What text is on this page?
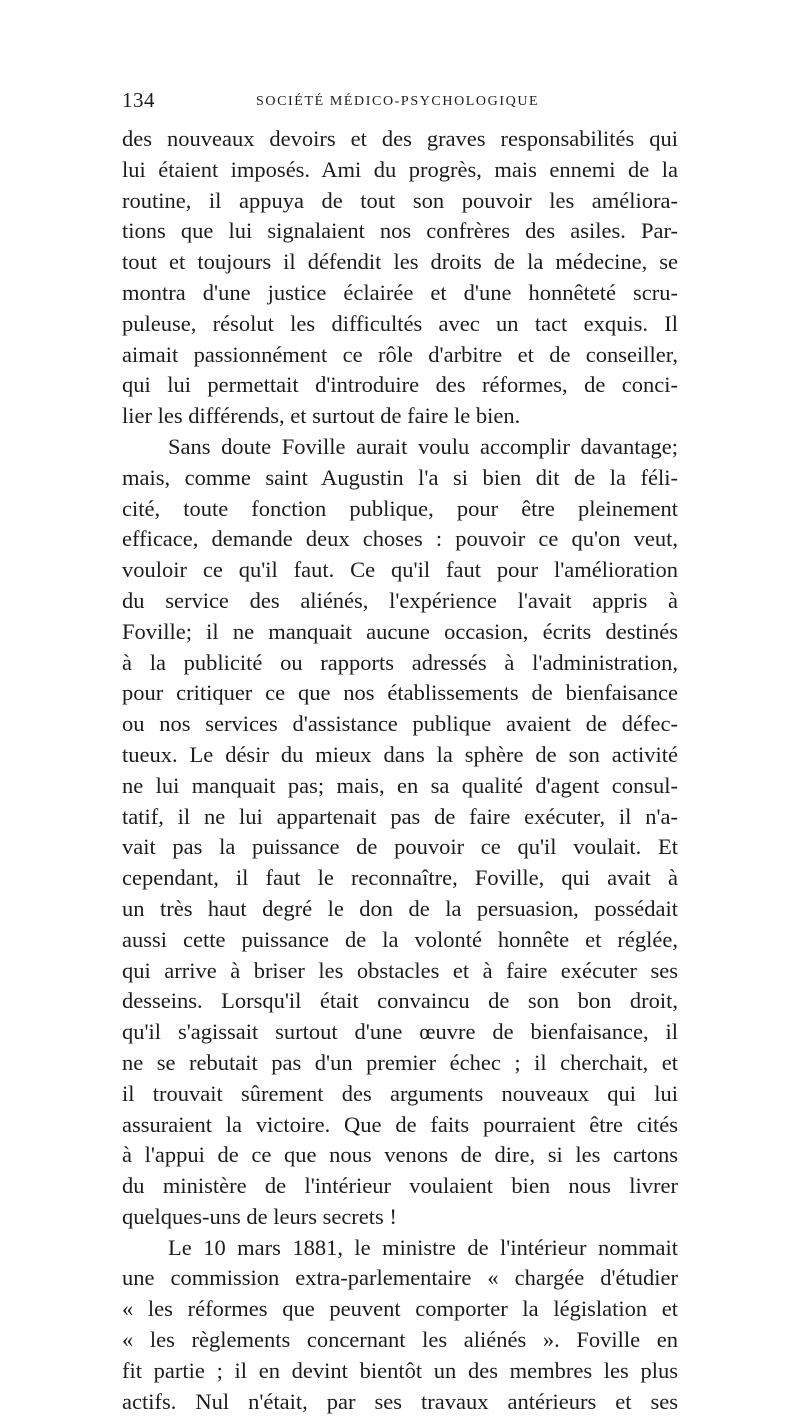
134	SOCIÉTÉ MÉDICO-PSYCHOLOGIQUE
des nouveaux devoirs et des graves responsabilités qui
lui étaient imposés. Ami du progrès, mais ennemi de la
routine, il appuya de tout son pouvoir les améliora-
tions que lui signalaient nos confrères des asiles. Par-
tout et toujours il défendit les droits de la médecine, se
montra d'une justice éclairée et d'une honnêteté scru-
puleuse, résolut les difficultés avec un tact exquis. Il
aimait passionnément ce rôle d'arbitre et de conseiller,
qui lui permettait d'introduire des réformes, de conci-
lier les différends, et surtout de faire le bien.
Sans doute Foville aurait voulu accomplir davantage;
mais, comme saint Augustin l'a si bien dit de la féli-
cité, toute fonction publique, pour être pleinement
efficace, demande deux choses : pouvoir ce qu'on veut,
vouloir ce qu'il faut. Ce qu'il faut pour l'amélioration
du service des aliénés, l'expérience l'avait appris à
Foville; il ne manquait aucune occasion, écrits destinés
à la publicité ou rapports adressés à l'administration,
pour critiquer ce que nos établissements de bienfaisance
ou nos services d'assistance publique avaient de défec-
tueux. Le désir du mieux dans la sphère de son activité
ne lui manquait pas; mais, en sa qualité d'agent consul-
tatif, il ne lui appartenait pas de faire exécuter, il n'a-
vait pas la puissance de pouvoir ce qu'il voulait. Et
cependant, il faut le reconnaître, Foville, qui avait à
un très haut degré le don de la persuasion, possédait
aussi cette puissance de la volonté honnête et réglée,
qui arrive à briser les obstacles et à faire exécuter ses
desseins. Lorsqu'il était convaincu de son bon droit,
qu'il s'agissait surtout d'une œuvre de bienfaisance, il
ne se rebutait pas d'un premier échec ; il cherchait, et
il trouvait sûrement des arguments nouveaux qui lui
assuraient la victoire. Que de faits pourraient être cités
à l'appui de ce que nous venons de dire, si les cartons
du ministère de l'intérieur voulaient bien nous livrer
quelques-uns de leurs secrets !
Le 10 mars 1881, le ministre de l'intérieur nommait
une commission extra-parlementaire « chargée d'étudier
« les réformes que peuvent comporter la législation et
« les règlements concernant les aliénés ». Foville en
fit partie ; il en devint bientôt un des membres les plus
actifs. Nul n'était, par ses travaux antérieurs et ses
